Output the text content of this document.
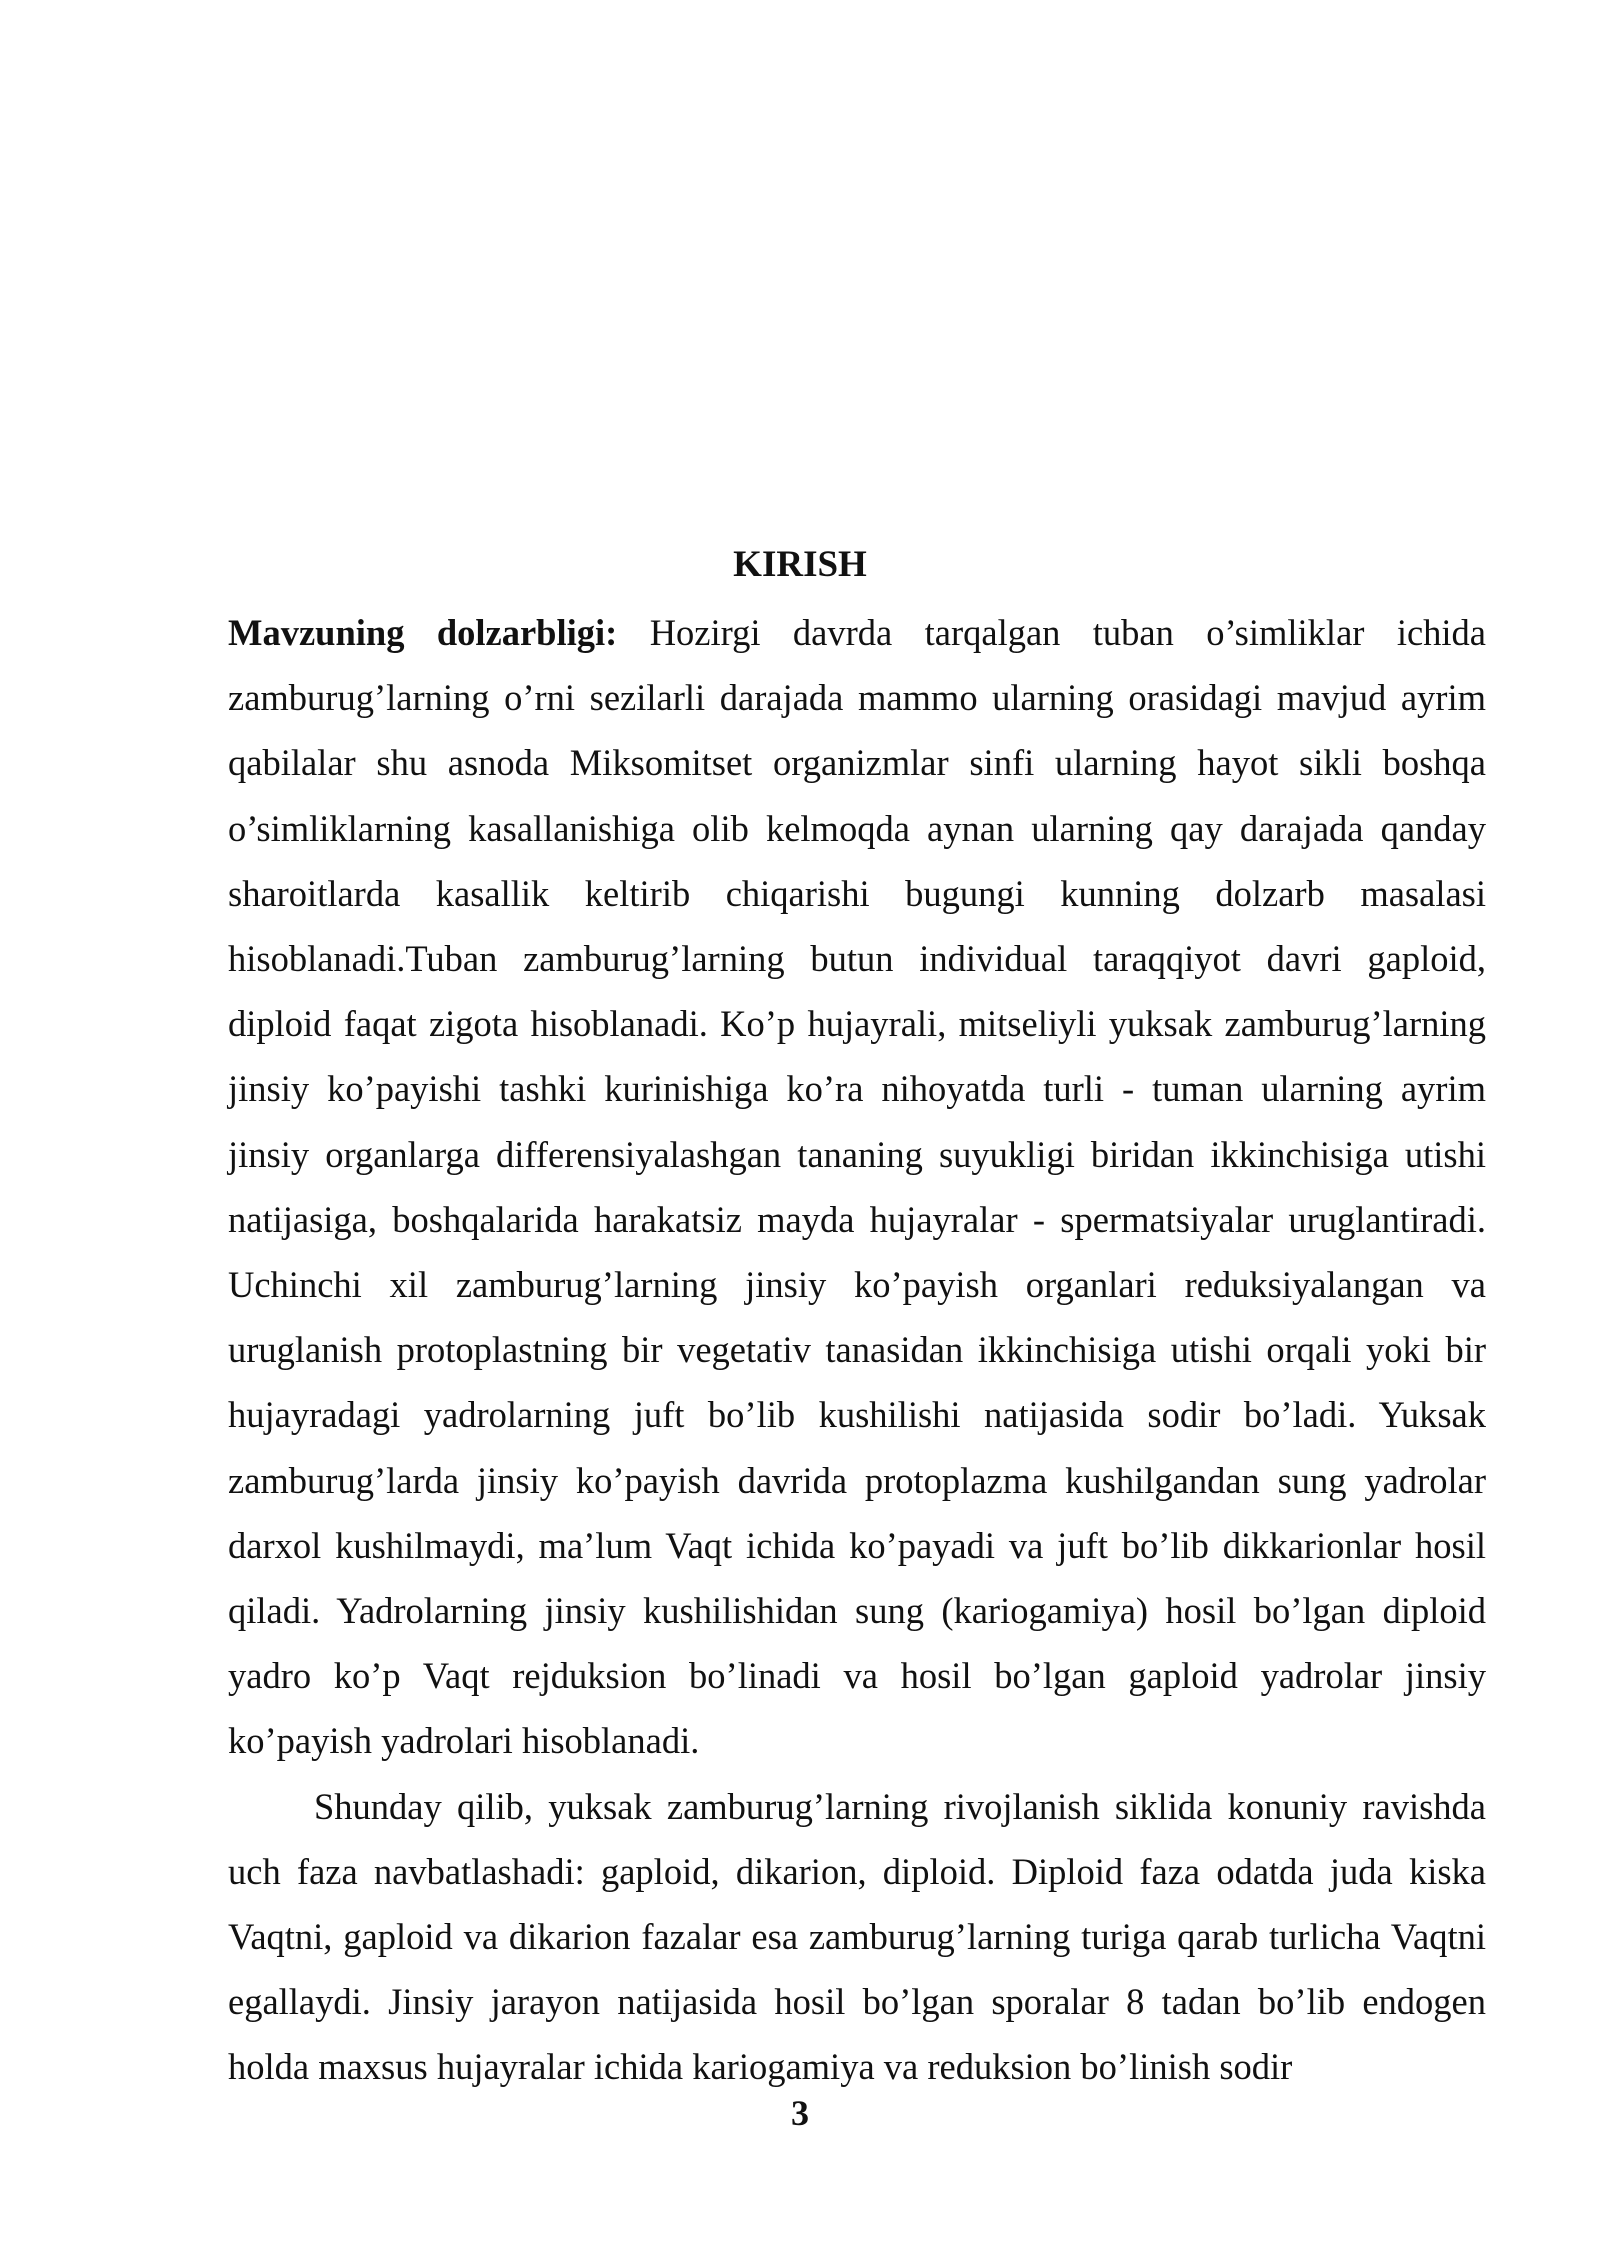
KIRISH

Mavzuning dolzarbligi: Hozirgi davrda tarqalgan tuban o’simliklar ichida zamburug’larning o’rni sezilarli darajada mammo ularning orasidagi mavjud ayrim qabilalar shu asnoda Miksomitset organizmlar sinfi ularning hayot sikli boshqa o’simliklarning kasallanishiga olib kelmoqda aynan ularning qay darajada qanday sharoitlarda kasallik keltirib chiqarishi bugungi kunning dolzarb masalasi hisoblanadi.Tuban zamburug’larning butun individual taraqqiyot davri gaploid, diploid faqat zigota hisoblanadi. Ko’p hujayrali, mitseliyli yuksak zamburug’larning jinsiy ko’payishi tashki kurinishiga ko’ra nihoyatda turli - tuman ularning ayrim jinsiy organlarga differensiyalashgan tananing suyukligi biridan ikkinchisiga utishi natijasiga, boshqalarida harakatsiz mayda hujayralar - spermatsiyalar uruglantiradi. Uchinchi xil zamburug’larning jinsiy ko’payish organlari reduksiyalangan va uruglanish protoplastning bir vegetativ tanasidan ikkinchisiga utishi orqali yoki bir hujayradagi yadrolarning juft bo’lib kushilishi natijasida sodir bo’ladi. Yuksak zamburug’larda jinsiy ko’payish davrida protoplazma kushilgandan sung yadrolar darxol kushilmaydi, ma’lum Vaqt ichida ko’payadi va juft bo’lib dikkarionlar hosil qiladi. Yadrolarning jinsiy kushilishidan sung (kariogamiya) hosil bo’lgan diploid yadro ko’p Vaqt rejduksion bo’linadi va hosil bo’lgan gaploid yadrolar jinsiy ko’payish yadrolari hisoblanadi.

Shunday qilib, yuksak zamburug’larning rivojlanish siklida konuniy ravishda uch faza navbatlashadi: gaploid, dikarion, diploid. Diploid faza odatda juda kiska Vaqtni, gaploid va dikarion fazalar esa zamburug’larning turiga qarab turlicha Vaqtni egallaydi. Jinsiy jarayon natijasida hosil bo’lgan sporalar 8 tadan bo’lib endogen holda maxsus hujayralar ichida kariogamiya va reduksion bo’linish sodir

3
